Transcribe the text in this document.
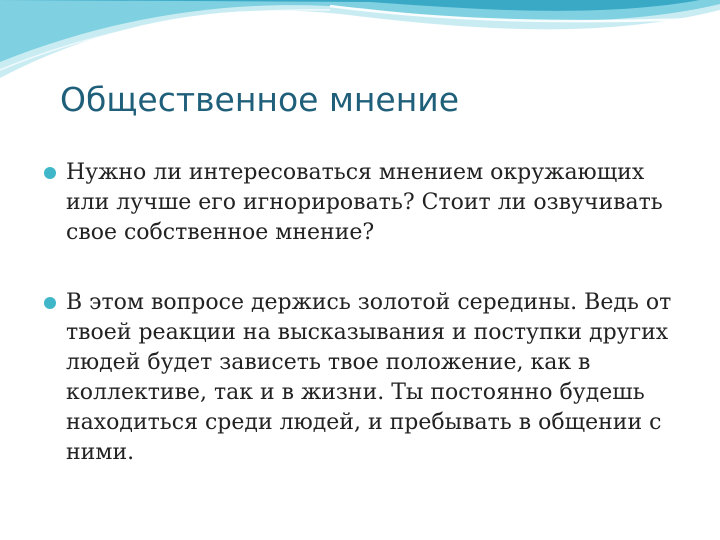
Общественное мнение
Нужно ли интересоваться мнением окружающих или лучше его игнорировать? Стоит ли озвучивать свое собственное мнение?
В этом вопросе держись золотой середины. Ведь от твоей реакции на высказывания и поступки других людей будет зависеть твое положение, как в коллективе, так и в жизни. Ты постоянно будешь находиться среди людей, и пребывать в общении с ними.
